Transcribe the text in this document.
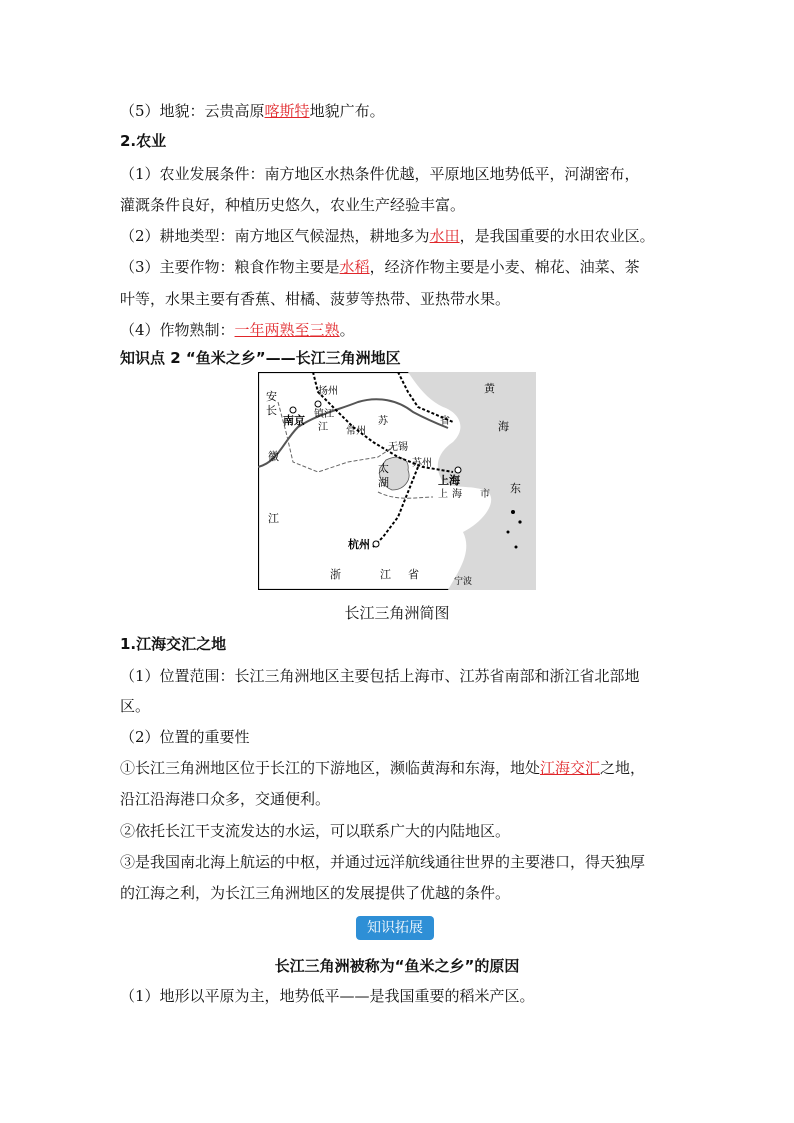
（5）地貌：云贵高原喀斯特地貌广布。
2.农业
（1）农业发展条件：南方地区水热条件优越，平原地区地势低平，河湖密布，
灌溉条件良好，种植历史悠久，农业生产经验丰富。
（2）耕地类型：南方地区气候湿热，耕地多为水田，是我国重要的水田农业区。
（3）主要作物：粮食作物主要是水稻，经济作物主要是小麦、棉花、油菜、茶
叶等，水果主要有香蕉、柑橘、菠萝等热带、亚热带水果。
（4）作物熟制：一年两熟至三熟。
知识点 2 “鱼米之乡”——长江三角洲地区
扬州
安
南京 镇江
江
苏
常州
省
黄
海
无锡
苏州
太
湖	上海
上 海 市 东
徽
杭州
浙	江 省
宁波
长
江
长江三角洲简图
1.江海交汇之地
（1）位置范围：长江三角洲地区主要包括上海市、江苏省南部和浙江省北部地
区。
（2）位置的重要性
①长江三角洲地区位于长江的下游地区，濒临黄海和东海，地处江海交汇之地，
沿江沿海港口众多，交通便利。
②依托长江干支流发达的水运，可以联系广大的内陆地区。
③是我国南北海上航运的中枢，并通过远洋航线通往世界的主要港口，得天独厚
的江海之利，为长江三角洲地区的发展提供了优越的条件。
知识拓展
长江三角洲被称为“鱼米之乡”的原因
（1）地形以平原为主，地势低平——是我国重要的稻米产区。
